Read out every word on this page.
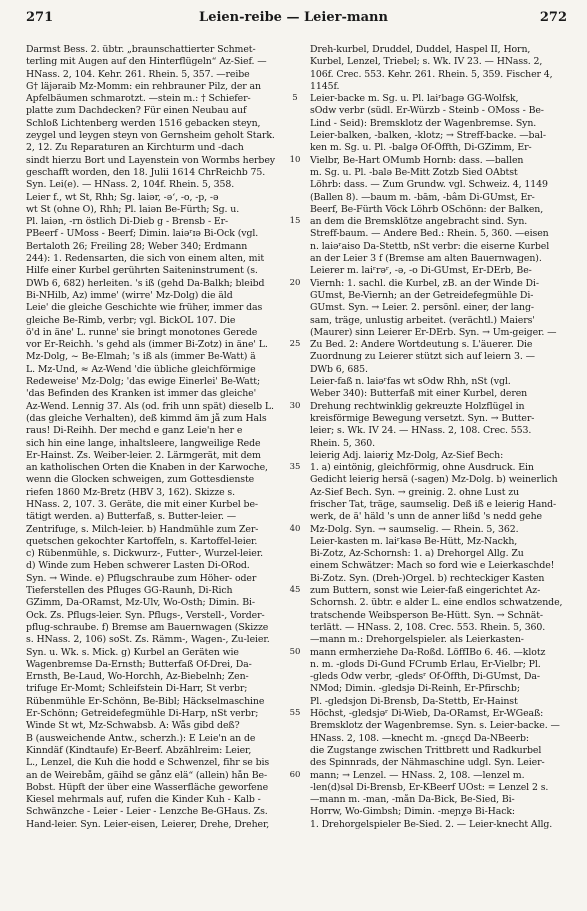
271	Leien-reibe — Leier-mann	272
Darmst Bess. 2. übtr. „braunschattierter Schmet-
terling mit Augen auf den Hinterflügeln“ Az-Sief. —
HNass. 2, 104. Kehr. 261. Rhein. 5, 357. —reibe
G† läjəraib Mz-Momm: ein rehbrauner Pilz, der an
Apfelbäumen schmarotzt. —stein m.: † Schiefer-
platte zum Dachdecken? Für einen Neubau auf
Schloß Lichtenberg werden 1516 gebacken steyn,
zeygel und leygen steyn von Gernsheim geholt Stark.
2, 12. Zu Reparaturen an Kirchturm und -dach
sindt hierzu Bort und Layenstein von Wormbs herbey
geschafft worden, den 18. Julii 1614 ChrReichb 75.
Syn. Lei(e). — HNass. 2, 104f. Rhein. 5, 358.
Leier f., wt St, Rhh; Sg. laiər, -ə‘, -o, -p, -ə
wt St (ohne O), Rhh; Pl. laiən Be-Fürth; Sg. u.
Pl. laiən, -rn östlich Di-Dieb g - Brensb - Er-
PBeerf - UMoss - Beerf; Dimin. laiəʳɪə Bi-Ock (vgl.
Bertaloth 26; Freiling 28; Weber 340; Erdmann
244): 1. Redensarten, die sich von einem alten, mit
Hilfe einer Kurbel gerührten Saiteninstrument (s.
DWb 6, 682) herleiten. 's iß (gehd Da-Balkh; bleibd
Bi-NHilb, Az) imme' (wirre' Mz-Dolg) die äld
Leie' die gleiche Geschichte wie früher, immer das
gleiche Be-Rimb, verbr; vgl. BickOL 107. Die
ö'd in äne' L. runne' sie bringt monotones Gerede
vor Er-Reichh. 's gehd als (immer Bi-Zotz) in äne' L.
Mz-Dolg, ~ Be-Elmah; 's iß als (immer Be-Watt) ä
L. Mz-Und, ≈ Az-Wend 'die übliche gleichförmige
Redeweise' Mz-Dolg; 'das ewige Einerlei' Be-Watt;
'das Befinden des Kranken ist immer das gleiche'
Az-Wend. Lennig 37. Als (od. frih unn spät) dieselb L.
(das gleiche Verhalten), deß kimmd äm jå zum Hals
raus! Di-Reihh. Der mechd e ganz Leie'n her e
sich hin eine lange, inhaltsleere, langweilige Rede
Er-Hainst. Zs. Weiber-leier. 2. Lärmgerät, mit dem
an katholischen Orten die Knaben in der Karwoche,
wenn die Glocken schweigen, zum Gottesdienste
riefen 1860 Mz-Bretz (HBV 3, 162). Skizze s.
HNass. 2, 107. 3. Geräte, die mit einer Kurbel be-
tätigt werden. a) Butterfaß, s. Butter-leier. —
Zentrifuge, s. Milch-leier. b) Handmühle zum Zer-
quetschen gekochter Kartoffeln, s. Kartoffel-leier.
c) Rübenmühle, s. Dickwurz-, Futter-, Wurzel-leier.
d) Winde zum Heben schwerer Lasten Di-ORod.
Syn. → Winde. e) Pflugschraube zum Höher- oder
Tieferstellen des Pfluges GG-Raunh, Di-Rich
GZimm, Da-ORamst, Mz-Ulv, Wo-Osth; Dimin. Bi-
Ock. Zs. Pflugs-leier. Syn. Pflugs-, Verstell-, Vorder-
pflug-schraube. f) Bremse am Bauernwagen (Skizze
s. HNass. 2, 106) soSt. Zs. Rämm-, Wagen-, Zu-leier.
Syn. u. Wk. s. Mick. g) Kurbel an Geräten wie
Wagenbremse Da-Ernsth; Butterfaß Of-Drei, Da-
Ernsth, Be-Laud, Wo-Horchh, Az-Biebelnh; Zen-
trifuge Er-Momt; Schleifstein Di-Harr, St verbr;
Rübenmühle Er-Schönn, Be-Bibl; Häckselmaschine
Er-Schönn; Getreidefegmühle Di-Harp, nSt verbr;
Winde St wt, Mz-Schwabsb. A: Wås gibd deß?
B (ausweichende Antw., scherzh.): E Leie'n an de
Kinndäf (Kindtaufe) Er-Beerf. Abzählreim: Leier,
L., Lenzel, die Kuh die hodd e Schwenzel, fihr se bis
an de Weirebåm, gäihd se gånz elä“ (allein) hån Be-
Bobst. Hüpft der über eine Wasserfläche geworfene
Kiesel mehrmals auf, rufen die Kinder Kuh - Kalb -
Schwänzche - Leier - Leier - Lenzche Be-GHaus. Zs.
Hand-leier. Syn. Leier-eisen, Leierer, Drehe, Dreher,
5
10
15
20
25
30
35
40
45
50
55
60
Dreh-kurbel, Druddel, Duddel, Haspel II, Horn,
Kurbel, Lenzel, Triebel; s. Wk. IV 23. — HNass. 2,
106f. Crec. 553. Kehr. 261. Rhein. 5, 359. Fischer 4,
1145f.
Leier-backe m. Sg. u. Pl. laiʳbagə GG-Wolfsk,
sOdw verbr (südl. Er-Würzb - Steinb - OMoss - Be-
Lind - Seid): Bremsklotz der Wagenbremse. Syn.
Leier-balken, -balken, -klotz; → Streff-backe. —bal-
ken m. Sg. u. Pl. -balgə Of-Öffth, Di-GZimm, Er-
Vielbr, Be-Hart OMumb Hornb: dass. —ballen
m. Sg. u. Pl. -balə Be-Mitt Zotzb Sied OAbtst
Löhrb: dass. — Zum Grundw. vgl. Schweiz. 4, 1149
(Ballen 8). —baum m. -bām, -bâm Di-GUmst, Er-
Beerf, Be-Fürth Vöck Löhrb OSchönn: der Balken,
an dem die Bremsklötze angebracht sind. Syn.
Streff-baum. — Andere Bed.: Rhein. 5, 360. —eisen
n. laiəʳaiso Da-Stettb, nSt verbr: die eiserne Kurbel
an der Leier 3 f (Bremse am alten Bauernwagen).
Leierer m. laiʳrəʳ, -ə, -o Di-GUmst, Er-DErb, Be-
Viernh: 1. sachl. die Kurbel, zB. an der Winde Di-
GUmst, Be-Viernh; an der Getreidefegmühle Di-
GUmst. Syn. → Leier. 2. persönl. einer, der lang-
sam, träge, unlustig arbeitet. (verächtl.) Maiers'
(Maurer) sinn Leierer Er-DErb. Syn. → Um-geiger. —
Zu Bed. 2: Andere Wortdeutung s. L'äuerer. Die
Zuordnung zu Leierer stützt sich auf leiern 3. —
DWb 6, 685.
Leier-faß n. laiəʳfas wt sOdw Rhh, nSt (vgl.
Weber 340): Butterfaß mit einer Kurbel, deren
Drehung rechtwinklig gekreuzte Holzflügel in
kreisförmige Bewegung versetzt. Syn. → Butter-
leier; s. Wk. IV 24. — HNass. 2, 108. Crec. 553.
Rhein. 5, 360.
leierig Adj. laiəriχ Mz-Dolg, Az-Sief Bech:
1. a) eintönig, gleichförmig, ohne Ausdruck. Ein
Gedicht leierig hersä (-sagen) Mz-Dolg. b) weinerlich
Az-Sief Bech. Syn. → greinig. 2. ohne Lust zu
frischer Tat, träge, saumselig. Deß iß e leierig Hand-
werk, de ä' häld 's unn de anner lißd 's nedd gehe
Mz-Dolg. Syn. → saumselig. — Rhein. 5, 362.
Leier-kasten m. laiʳkasə Be-Hütt, Mz-Nackh,
Bi-Zotz, Az-Schornsh: 1. a) Drehorgel Allg. Zu
einem Schwätzer: Mach so ford wie e Leierkaschde!
Bi-Zotz. Syn. (Dreh-)Orgel. b) rechteckiger Kasten
zum Buttern, sonst wie Leier-faß eingerichtet Az-
Schornsh. 2. übtr. e alder L. eine endlos schwatzende,
tratschende Weibsperson Be-Hütt. Syn. → Schnät-
terlätt. — HNass. 2, 108. Crec. 553. Rhein. 5, 360.
—mann m.: Drehorgelspieler. als Leierkasten-
mann ermherziehe Da-Roßd. LöffIBo 6. 46. —klotz
n. m. -glods Di-Gund FCrumb Erlau, Er-Vielbr; Pl.
-gleds Odw verbr, -gledsʳ Of-Öffth, Di-GUmst, Da-
NMod; Dimin. -gledsjə Di-Reinh, Er-Pfirschb;
Pl. -gledsjon Di-Brensb, Da-Stettb, Er-Hainst
Höchst, -gledsjəʳ Di-Wieb, Da-ORamst, Er-WGeaß:
Bremsklotz der Wagenbremse. Syn. s. Leier-backe. —
HNass. 2, 108. —knecht m. -gnɛçd Da-NBeerb:
die Zugstange zwischen Trittbrett und Radkurbel
des Spinnrads, der Nähmaschine udgl. Syn. Leier-
mann; → Lenzel. — HNass. 2, 108. —lenzel m.
-len(d)səl Di-Brensb, Er-KBeerf UOst: = Lenzel 2 s.
—mann m. -man, -mån Da-Bick, Be-Sied, Bi-
Horrw, Wo-Gimbsh; Dimin. -meɲχə Bi-Hack:
1. Drehorgelspieler Be-Sied. 2. — Leier-knecht Allg.
